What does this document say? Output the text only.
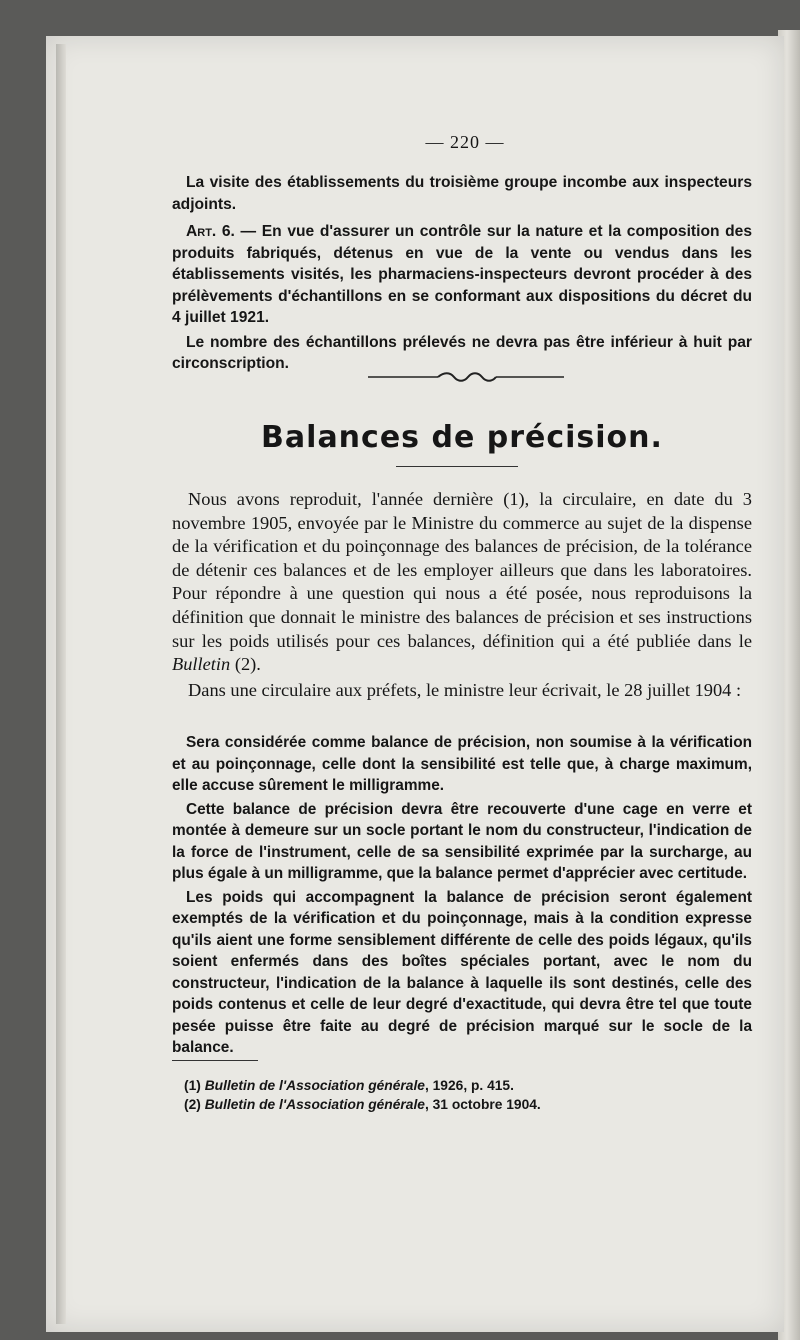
— 220 —

La visite des établissements du troisième groupe incombe aux inspecteurs adjoints.

Art. 6. — En vue d'assurer un contrôle sur la nature et la composition des produits fabriqués, détenus en vue de la vente ou vendus dans les établissements visités, les pharmaciens-inspecteurs devront procéder à des prélèvements d'échantillons en se conformant aux dispositions du décret du 4 juillet 1921.

Le nombre des échantillons prélevés ne devra pas être inférieur à huit par circonscription.

Balances de précision.

Nous avons reproduit, l'année dernière (1), la circulaire, en date du 3 novembre 1905, envoyée par le Ministre du commerce au sujet de la dispense de la vérification et du poinçonnage des balances de précision, de la tolérance de détenir ces balances et de les employer ailleurs que dans les laboratoires. Pour répondre à une question qui nous a été posée, nous reproduisons la définition que donnait le ministre des balances de précision et ses instructions sur les poids utilisés pour ces balances, définition qui a été publiée dans le Bulletin (2).

Dans une circulaire aux préfets, le ministre leur écrivait, le 28 juillet 1904 :

Sera considérée comme balance de précision, non soumise à la vérification et au poinçonnage, celle dont la sensibilité est telle que, à charge maximum, elle accuse sûrement le milligramme.

Cette balance de précision devra être recouverte d'une cage en verre et montée à demeure sur un socle portant le nom du constructeur, l'indication de la force de l'instrument, celle de sa sensibilité exprimée par la surcharge, au plus égale à un milligramme, que la balance permet d'apprécier avec certitude.

Les poids qui accompagnent la balance de précision seront également exemptés de la vérification et du poinçonnage, mais à la condition expresse qu'ils aient une forme sensiblement différente de celle des poids légaux, qu'ils soient enfermés dans des boîtes spéciales portant, avec le nom du constructeur, l'indication de la balance à laquelle ils sont destinés, celle des poids contenus et celle de leur degré d'exactitude, qui devra être tel que toute pesée puisse être faite au degré de précision marqué sur le socle de la balance.

(1) Bulletin de l'Association générale, 1926, p. 415.

(2) Bulletin de l'Association générale, 31 octobre 1904.
